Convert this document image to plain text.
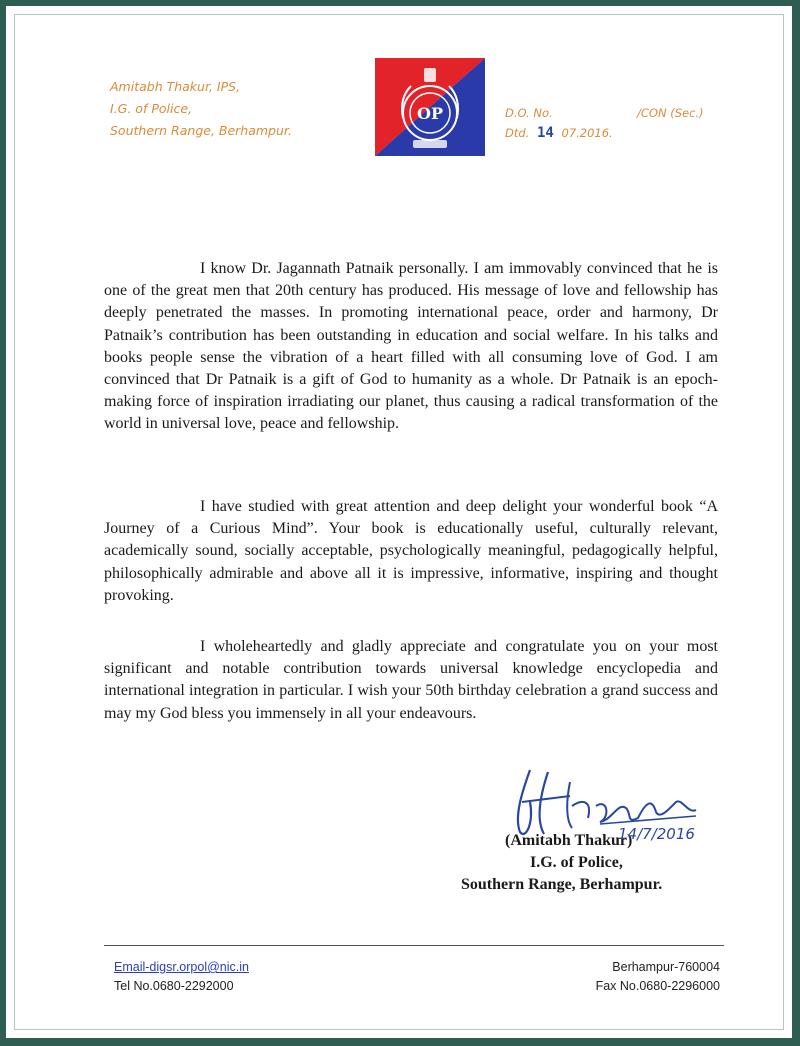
Amitabh Thakur, IPS,
I.G. of Police,
Southern Range, Berhampur.
OP	D.O. No.	/CON (Sec.)
Dtd. 14 07.2016.
I know Dr. Jagannath Patnaik personally. I am immovably convinced that he is one of the great men that 20th century has produced. His message of love and fellowship has deeply penetrated the masses. In promoting international peace, order and harmony, Dr Patnaik’s contribution has been outstanding in education and social welfare. In his talks and books people sense the vibration of a heart filled with all consuming love of God. I am convinced that Dr Patnaik is a gift of God to humanity as a whole. Dr Patnaik is an epoch-making force of inspiration irradiating our planet, thus causing a radical transformation of the world in universal love, peace and fellowship.
I have studied with great attention and deep delight your wonderful book “A Journey of a Curious Mind”. Your book is educationally useful, culturally relevant, academically sound, socially acceptable, psychologically meaningful, pedagogically helpful, philosophically admirable and above all it is impressive, informative, inspiring and thought provoking.
I wholeheartedly and gladly appreciate and congratulate you on your most significant and notable contribution towards universal knowledge encyclopedia and international integration in particular. I wish your 50th birthday celebration a grand success and may my God bless you immensely in all your endeavours.
(Amitabh Thakur)
14/7/2016
I.G. of Police,
Southern Range, Berhampur.
Email-digsr.orpol@nic.in
Tel No.0680-2292000
Berhampur-760004
Fax No.0680-2296000
